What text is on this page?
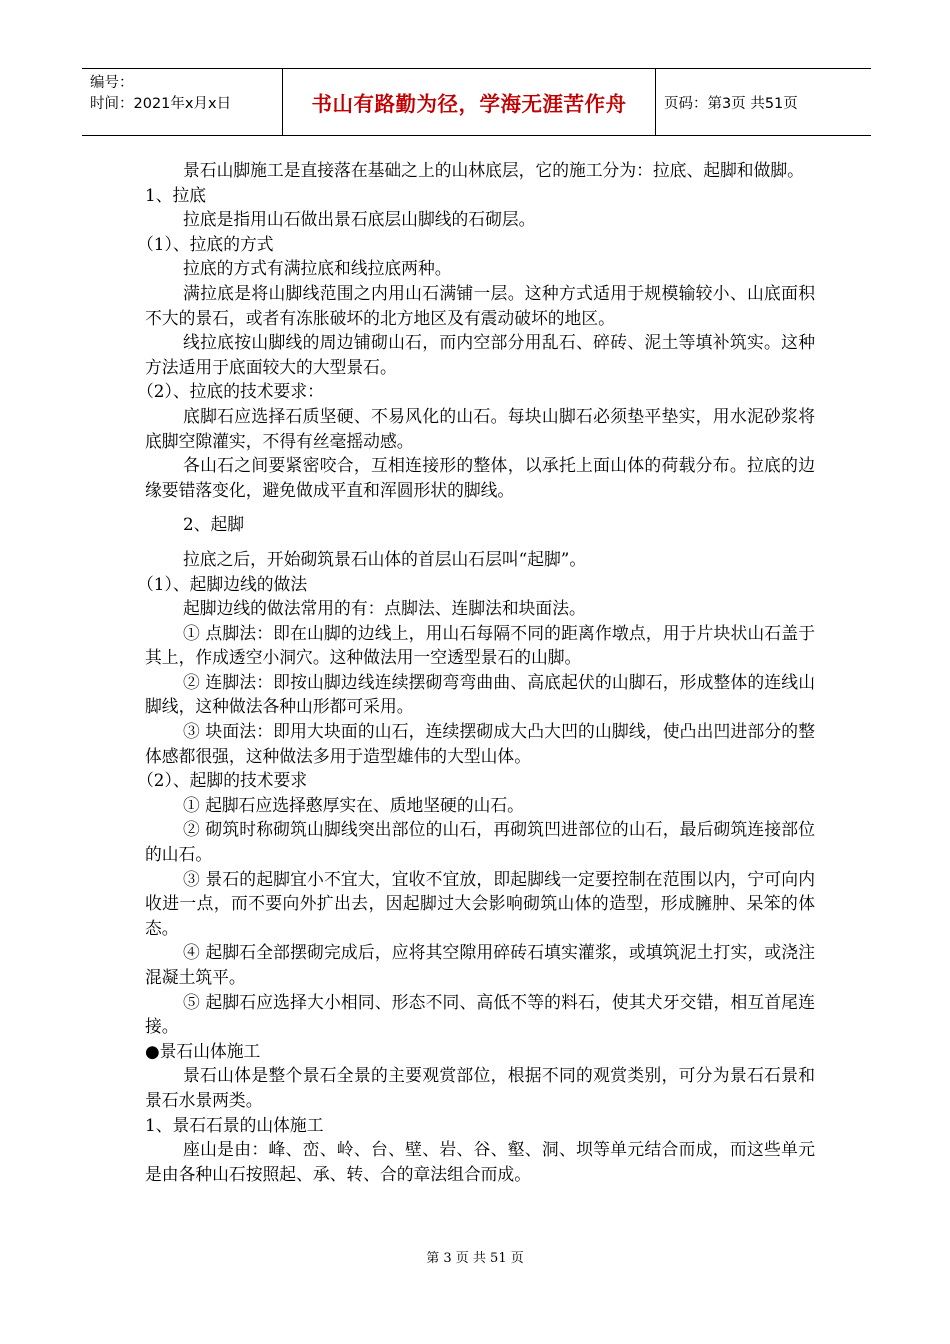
编号：
时间：2021年x月x日	书山有路勤为径，学海无涯苦作舟	页码：第3页 共51页

景石山脚施工是直接落在基础之上的山林底层，它的施工分为：拉底、起脚和做脚。

1、拉底

拉底是指用山石做出景石底层山脚线的石砌层。

（1）、拉底的方式

拉底的方式有满拉底和线拉底两种。

满拉底是将山脚线范围之内用山石满铺一层。这种方式适用于规模输较小、山底面积不大的景石，或者有冻胀破坏的北方地区及有震动破坏的地区。

线拉底按山脚线的周边铺砌山石，而内空部分用乱石、碎砖、泥土等填补筑实。这种方法适用于底面较大的大型景石。

（2）、拉底的技术要求：

底脚石应选择石质坚硬、不易风化的山石。每块山脚石必须垫平垫实，用水泥砂浆将底脚空隙灌实，不得有丝毫摇动感。

各山石之间要紧密咬合，互相连接形的整体，以承托上面山体的荷载分布。拉底的边缘要错落变化，避免做成平直和浑圆形状的脚线。

2、起脚

拉底之后，开始砌筑景石山体的首层山石层叫“起脚”。

（1）、起脚边线的做法

起脚边线的做法常用的有：点脚法、连脚法和块面法。

① 点脚法：即在山脚的边线上，用山石每隔不同的距离作墩点，用于片块状山石盖于其上，作成透空小洞穴。这种做法用一空透型景石的山脚。

② 连脚法：即按山脚边线连续摆砌弯弯曲曲、高底起伏的山脚石，形成整体的连线山脚线，这种做法各种山形都可采用。

③ 块面法：即用大块面的山石，连续摆砌成大凸大凹的山脚线，使凸出凹进部分的整体感都很强，这种做法多用于造型雄伟的大型山体。

（2）、起脚的技术要求

① 起脚石应选择憨厚实在、质地坚硬的山石。

② 砌筑时称砌筑山脚线突出部位的山石，再砌筑凹进部位的山石，最后砌筑连接部位的山石。

③ 景石的起脚宜小不宜大，宜收不宜放，即起脚线一定要控制在范围以内，宁可向内收进一点，而不要向外扩出去，因起脚过大会影响砌筑山体的造型，形成臃肿、呆笨的体态。

④ 起脚石全部摆砌完成后，应将其空隙用碎砖石填实灌浆，或填筑泥土打实，或浇注混凝土筑平。

⑤ 起脚石应选择大小相同、形态不同、高低不等的料石，使其犬牙交错，相互首尾连接。

●景石山体施工

景石山体是整个景石全景的主要观赏部位，根据不同的观赏类别，可分为景石石景和景石水景两类。

1、景石石景的山体施工

座山是由：峰、峦、岭、台、壁、岩、谷、壑、洞、坝等单元结合而成，而这些单元是由各种山石按照起、承、转、合的章法组合而成。

第 3 页 共 51 页
